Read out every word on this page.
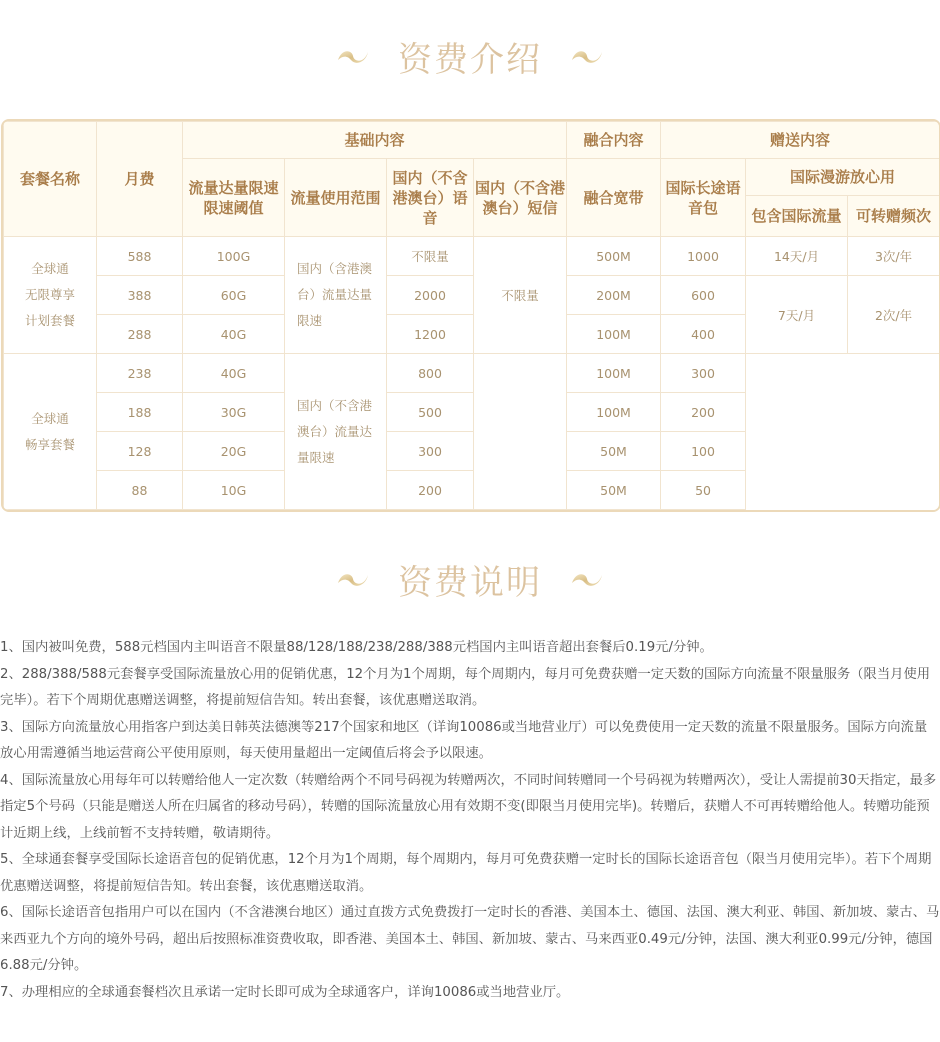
资费介绍
套餐名称	月费	基础内容				融合内容	赠送内容		
		流量达量限速限速阈值	流量使用范围	国内（不含港澳台）语音	国内（不含港澳台）短信	融合宽带	国际长途语音包	国际漫游放心用	
								包含国际流量	可转赠频次

全球通
无限尊享
计划套餐	588	100G	国内（含港澳台）流量达量限速	不限量	不限量	500M	1000	14天/月	3次/年
	388	60G		2000		200M	600	7天/月	2次/年
	288	40G		1200		100M	400		

全球通
畅享套餐	238	40G	国内（不含港澳台）流量达量限速	800		100M	300		
	188	30G		500		100M	200		
	128	20G		300		50M	100		
	88	10G		200		50M	50		
资费说明

1、国内被叫免费，588元档国内主叫语音不限量88/128/188/238/288/388元档国内主叫语音超出套餐后0.19元/分钟。

2、288/388/588元套餐享受国际流量放心用的促销优惠，12个月为1个周期，每个周期内，每月可免费获赠一定天数的国际方向流量不限量服务（限当月使用完毕）。若下个周期优惠赠送调整，将提前短信告知。转出套餐，该优惠赠送取消。

3、国际方向流量放心用指客户到达美日韩英法德澳等217个国家和地区（详询10086或当地营业厅）可以免费使用一定天数的流量不限量服务。国际方向流量放心用需遵循当地运营商公平使用原则，每天使用量超出一定阈值后将会予以限速。

4、国际流量放心用每年可以转赠给他人一定次数（转赠给两个不同号码视为转赠两次，不同时间转赠同一个号码视为转赠两次），受让人需提前30天指定，最多指定5个号码（只能是赠送人所在归属省的移动号码），转赠的国际流量放心用有效期不变(即限当月使用完毕)。转赠后，获赠人不可再转赠给他人。转赠功能预计近期上线，上线前暂不支持转赠，敬请期待。

5、全球通套餐享受国际长途语音包的促销优惠，12个月为1个周期，每个周期内，每月可免费获赠一定时长的国际长途语音包（限当月使用完毕）。若下个周期优惠赠送调整，将提前短信告知。转出套餐，该优惠赠送取消。

6、国际长途语音包指用户可以在国内（不含港澳台地区）通过直拨方式免费拨打一定时长的香港、美国本土、德国、法国、澳大利亚、韩国、新加坡、蒙古、马来西亚九个方向的境外号码，超出后按照标准资费收取，即香港、美国本土、韩国、新加坡、蒙古、马来西亚0.49元/分钟，法国、澳大利亚0.99元/分钟，德国6.88元/分钟。

7、办理相应的全球通套餐档次且承诺一定时长即可成为全球通客户，详询10086或当地营业厅。
